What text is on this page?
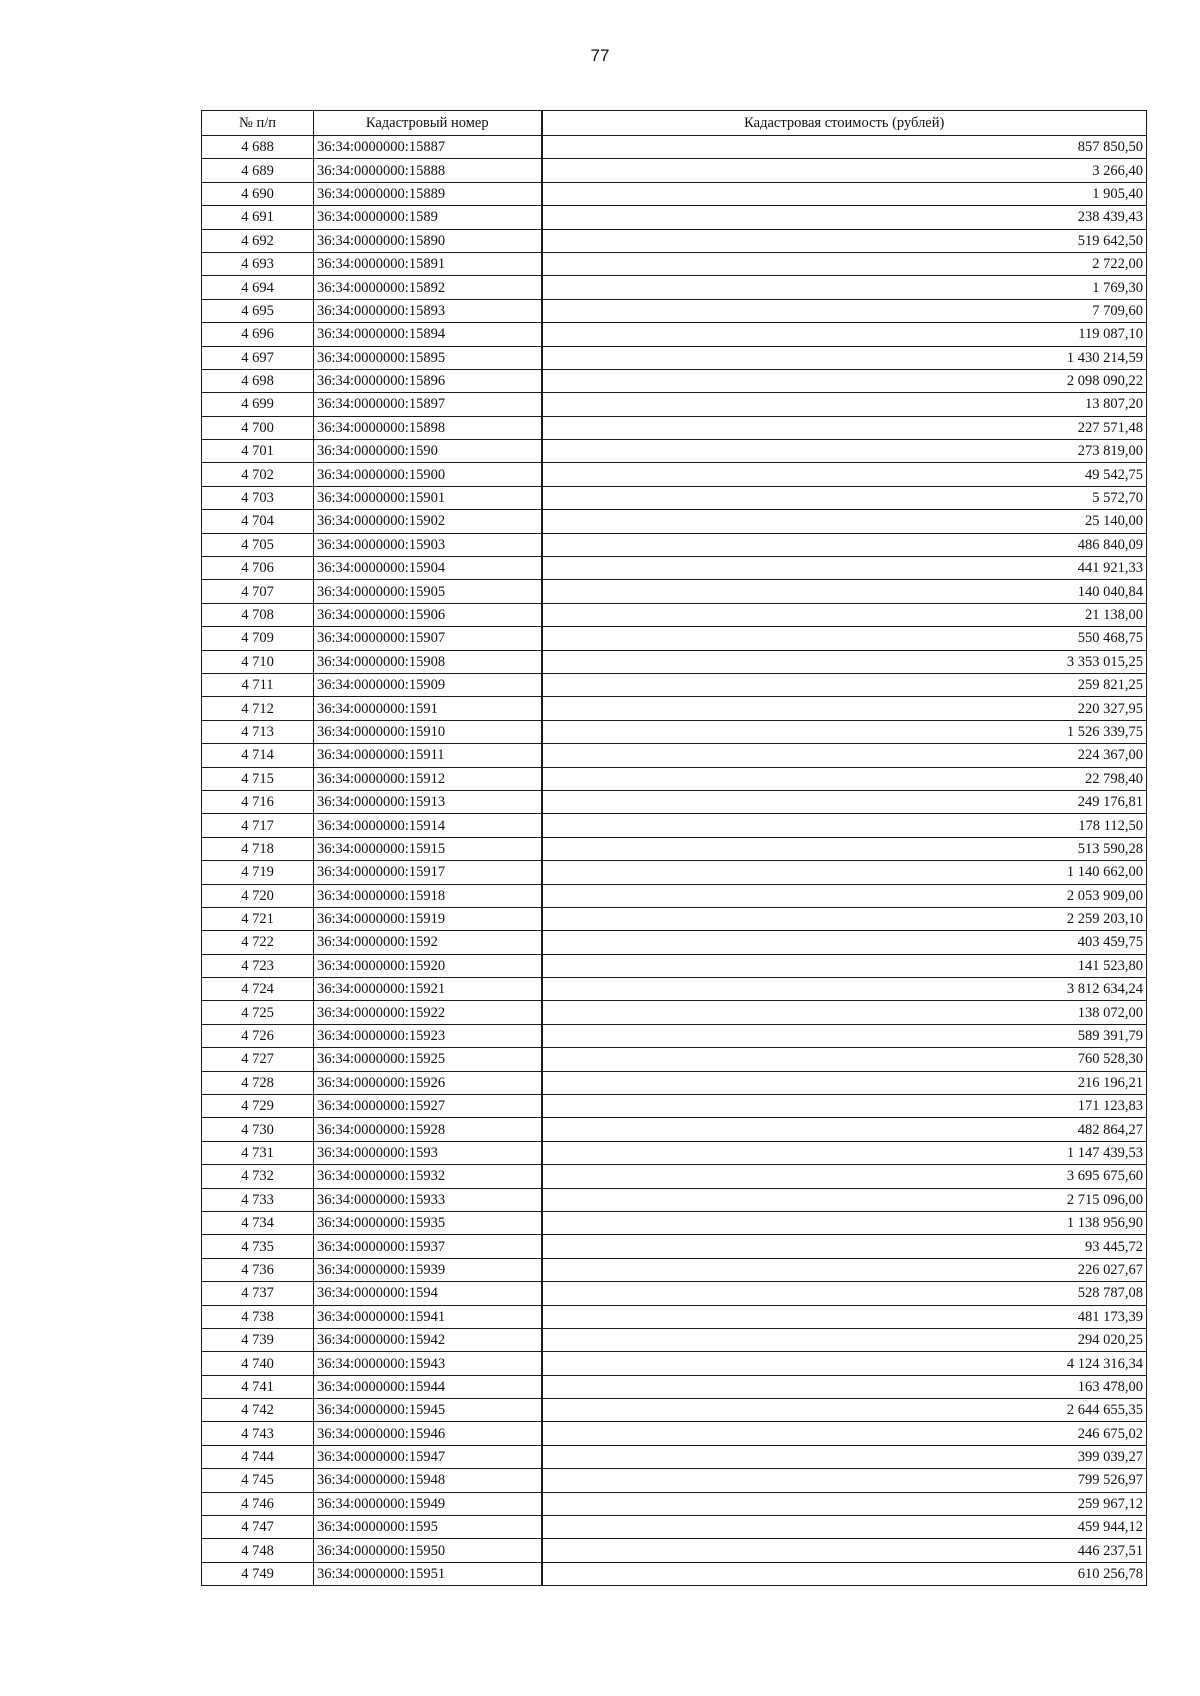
77
№ п/п	Кадастровый номер	Кадастровая стоимость (рублей)
4 688	36:34:0000000:15887	857 850,50
4 689	36:34:0000000:15888	3 266,40
4 690	36:34:0000000:15889	1 905,40
4 691	36:34:0000000:1589	238 439,43
4 692	36:34:0000000:15890	519 642,50
4 693	36:34:0000000:15891	2 722,00
4 694	36:34:0000000:15892	1 769,30
4 695	36:34:0000000:15893	7 709,60
4 696	36:34:0000000:15894	119 087,10
4 697	36:34:0000000:15895	1 430 214,59
4 698	36:34:0000000:15896	2 098 090,22
4 699	36:34:0000000:15897	13 807,20
4 700	36:34:0000000:15898	227 571,48
4 701	36:34:0000000:1590	273 819,00
4 702	36:34:0000000:15900	49 542,75
4 703	36:34:0000000:15901	5 572,70
4 704	36:34:0000000:15902	25 140,00
4 705	36:34:0000000:15903	486 840,09
4 706	36:34:0000000:15904	441 921,33
4 707	36:34:0000000:15905	140 040,84
4 708	36:34:0000000:15906	21 138,00
4 709	36:34:0000000:15907	550 468,75
4 710	36:34:0000000:15908	3 353 015,25
4 711	36:34:0000000:15909	259 821,25
4 712	36:34:0000000:1591	220 327,95
4 713	36:34:0000000:15910	1 526 339,75
4 714	36:34:0000000:15911	224 367,00
4 715	36:34:0000000:15912	22 798,40
4 716	36:34:0000000:15913	249 176,81
4 717	36:34:0000000:15914	178 112,50
4 718	36:34:0000000:15915	513 590,28
4 719	36:34:0000000:15917	1 140 662,00
4 720	36:34:0000000:15918	2 053 909,00
4 721	36:34:0000000:15919	2 259 203,10
4 722	36:34:0000000:1592	403 459,75
4 723	36:34:0000000:15920	141 523,80
4 724	36:34:0000000:15921	3 812 634,24
4 725	36:34:0000000:15922	138 072,00
4 726	36:34:0000000:15923	589 391,79
4 727	36:34:0000000:15925	760 528,30
4 728	36:34:0000000:15926	216 196,21
4 729	36:34:0000000:15927	171 123,83
4 730	36:34:0000000:15928	482 864,27
4 731	36:34:0000000:1593	1 147 439,53
4 732	36:34:0000000:15932	3 695 675,60
4 733	36:34:0000000:15933	2 715 096,00
4 734	36:34:0000000:15935	1 138 956,90
4 735	36:34:0000000:15937	93 445,72
4 736	36:34:0000000:15939	226 027,67
4 737	36:34:0000000:1594	528 787,08
4 738	36:34:0000000:15941	481 173,39
4 739	36:34:0000000:15942	294 020,25
4 740	36:34:0000000:15943	4 124 316,34
4 741	36:34:0000000:15944	163 478,00
4 742	36:34:0000000:15945	2 644 655,35
4 743	36:34:0000000:15946	246 675,02
4 744	36:34:0000000:15947	399 039,27
4 745	36:34:0000000:15948	799 526,97
4 746	36:34:0000000:15949	259 967,12
4 747	36:34:0000000:1595	459 944,12
4 748	36:34:0000000:15950	446 237,51
4 749	36:34:0000000:15951	610 256,78
